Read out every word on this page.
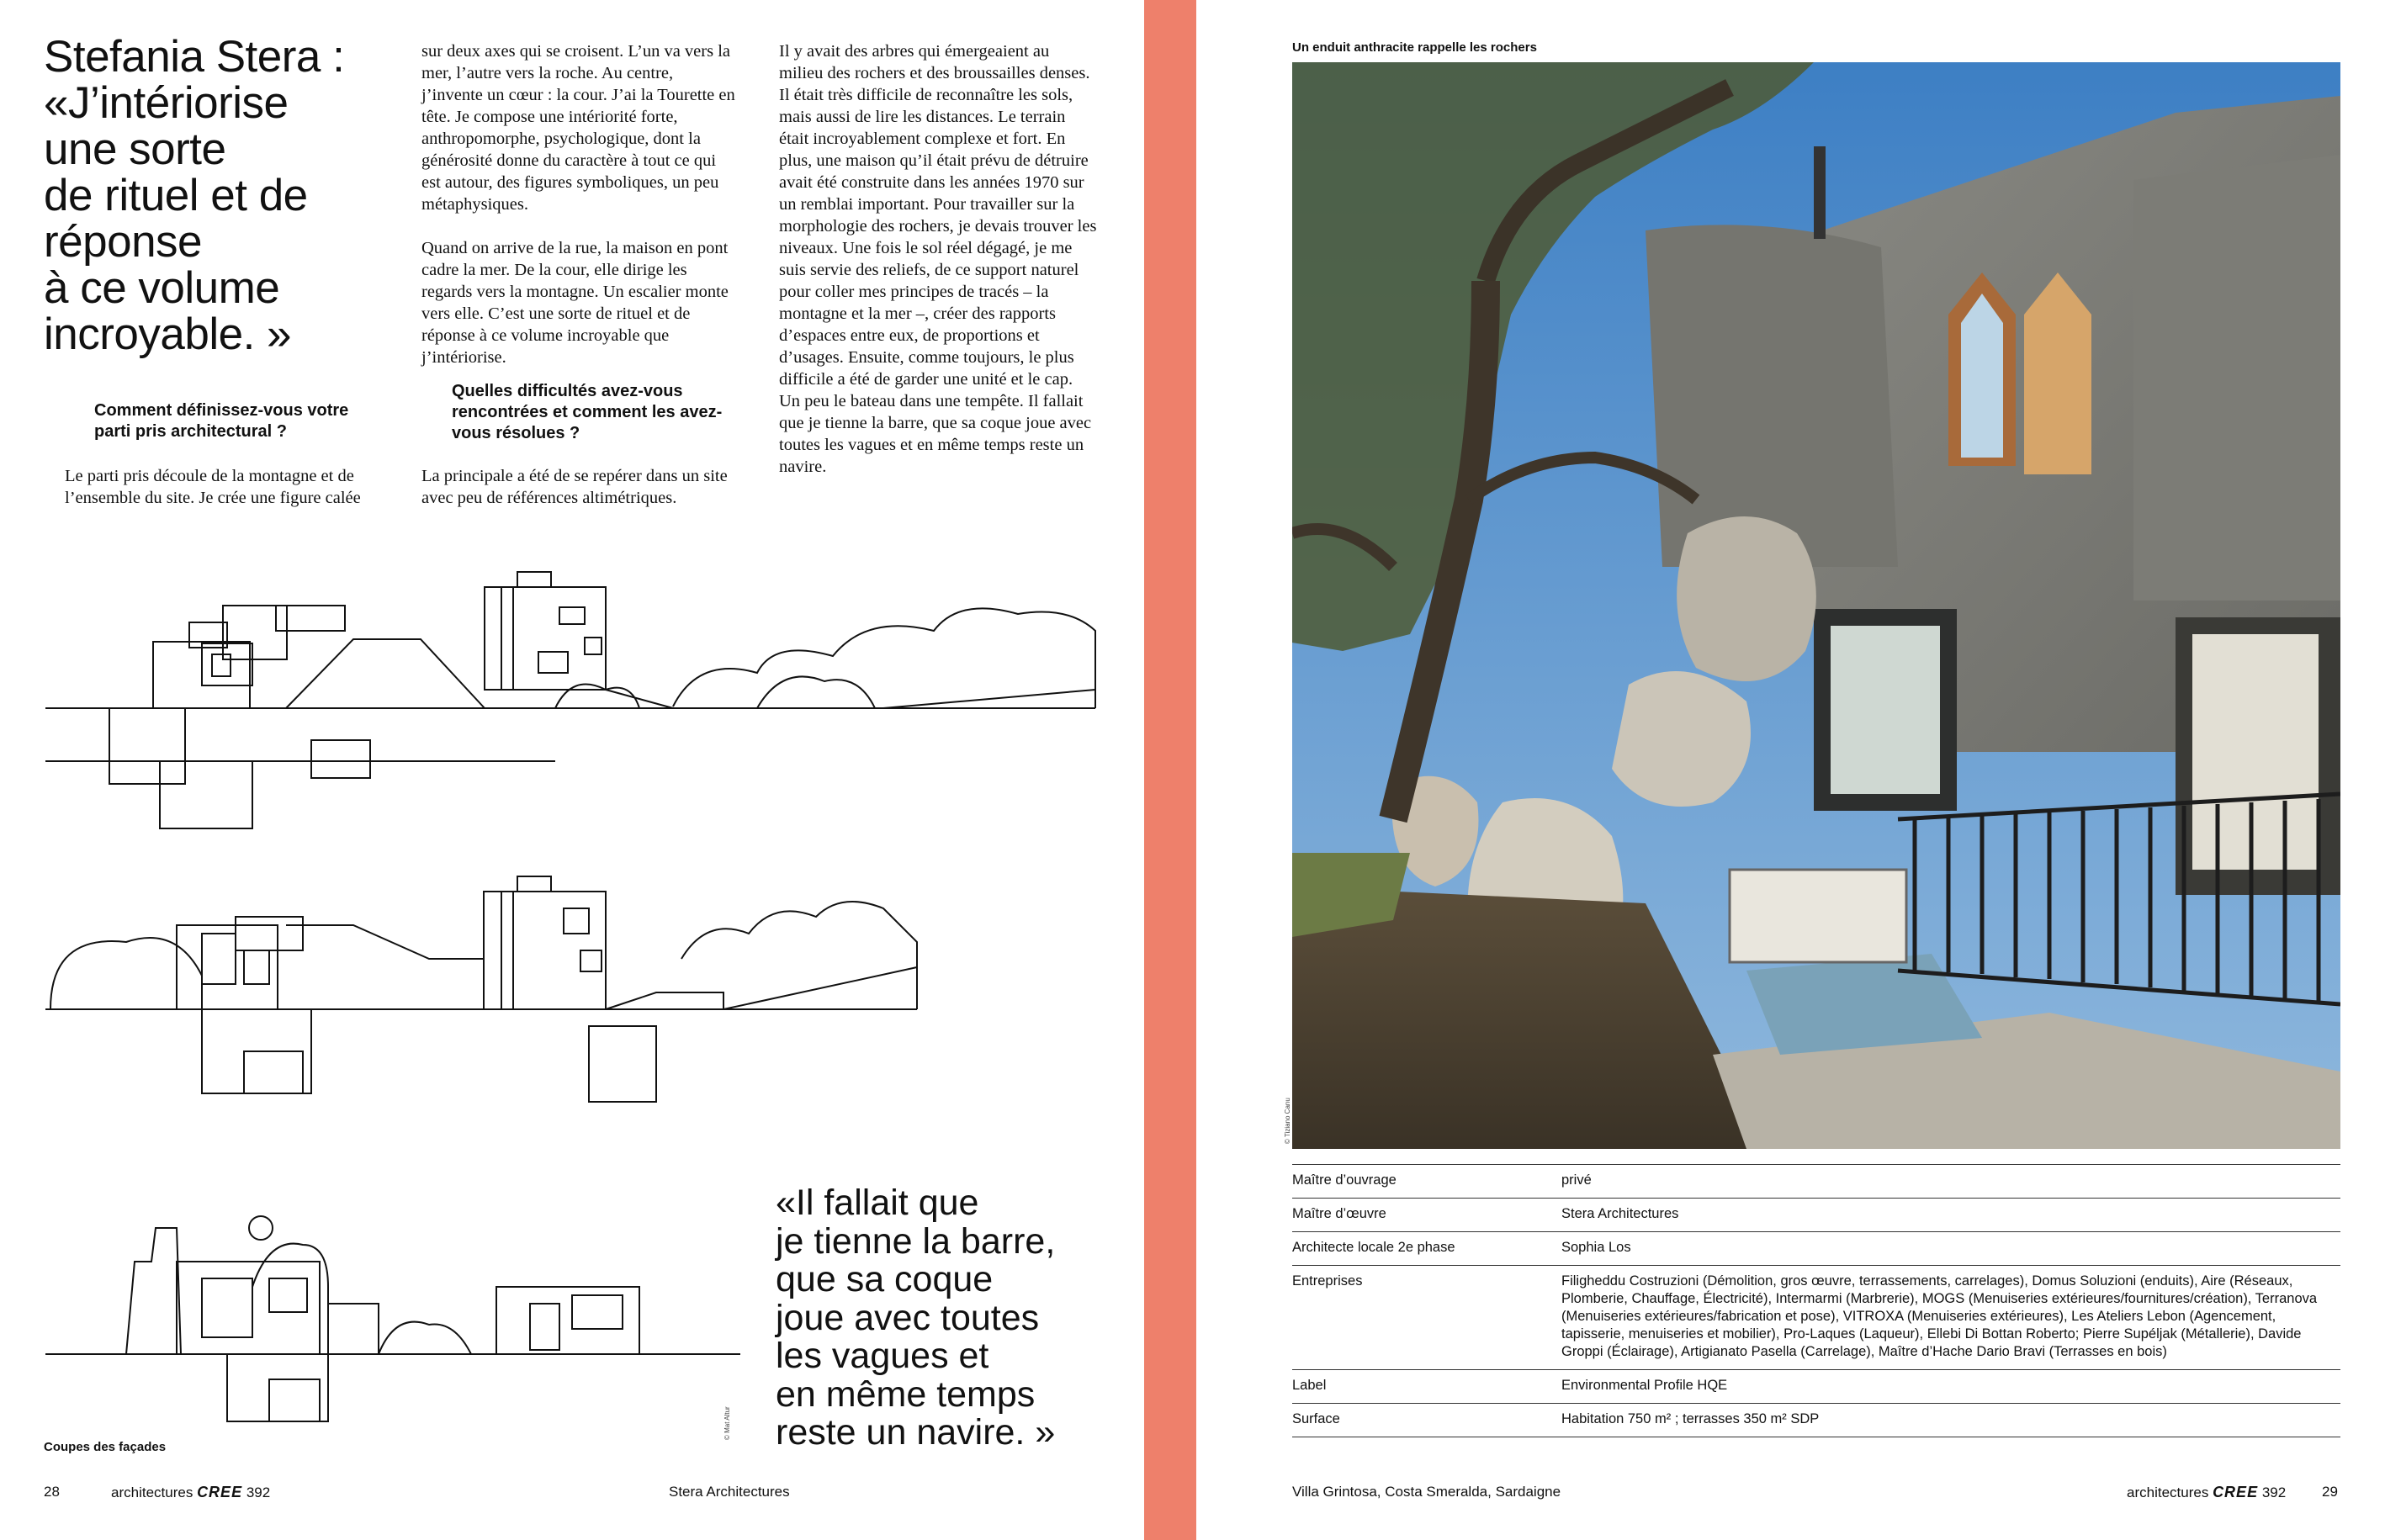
Stefania Stera :
«J’intériorise
une sorte
de rituel et de
réponse
à ce volume
incroyable. »
Comment définissez-vous votre parti pris architectural ?

Le parti pris découle de la montagne et de l’ensemble du site. Je crée une figure calée

sur deux axes qui se croisent. L’un va vers la mer, l’autre vers la roche. Au centre, j’invente un cœur : la cour. J’ai la Tourette en tête. Je compose une intériorité forte, anthropomorphe, psychologique, dont la générosité donne du caractère à tout ce qui est autour, des figures symboliques, un peu métaphysiques.

Quand on arrive de la rue, la maison en pont cadre la mer. De la cour, elle dirige les regards vers la montagne. Un escalier monte vers elle. C’est une sorte de rituel et de réponse à ce volume incroyable que j’intériorise.

Quelles difficultés avez-vous rencontrées et comment les avez-vous résolues ?

La principale a été de se repérer dans un site avec peu de références altimétriques.

Il y avait des arbres qui émergeaient au milieu des rochers et des broussailles denses. Il était très difficile de reconnaître les sols, mais aussi de lire les distances. Le terrain était incroyablement complexe et fort. En plus, une maison qu’il était prévu de détruire avait été construite dans les années 1970 sur un remblai important. Pour travailler sur la morphologie des rochers, je devais trouver les niveaux. Une fois le sol réel dégagé, je me suis servie des reliefs, de ce support naturel pour coller mes principes de tracés – la montagne et la mer –, créer des rapports d’espaces entre eux, de proportions et d’usages. Ensuite, comme toujours, le plus difficile a été de garder une unité et le cap. Un peu le bateau dans une tempête. Il fallait que je tienne la barre, que sa coque joue avec toutes les vagues et en même temps reste un navire.

Coupes des façades
© Mat Altur
«Il fallait que
je tienne la barre,
que sa coque
joue avec toutes
les vagues et
en même temps
reste un navire. »
28	architectures CREE 392	Stera Architectures
Un enduit anthracite rappelle les rochers
© Tiziano Canu
Maître d’ouvrage	privé
Maître d’œuvre	Stera Architectures
Architecte locale 2e phase	Sophia Los
Entreprises	Filigheddu Costruzioni (Démolition, gros œuvre, terrassements, carrelages), Domus Soluzioni (enduits), Aire (Réseaux, Plomberie, Chauffage, Électricité), Intermarmi (Marbrerie), MOGS (Menuiseries extérieures/fournitures/création), Terranova (Menuiseries extérieures/fabrication et pose), VITROXA (Menuiseries extérieures), Les Ateliers Lebon (Agencement, tapisserie, menuiseries et mobilier), Pro-Laques (Laqueur), Ellebi Di Bottan Roberto; Pierre Supéljak (Métallerie), Davide Groppi (Éclairage), Artigianato Pasella (Carrelage), Maître d’Hache Dario Bravi (Terrasses en bois)
Label	Environmental Profile HQE
Surface	Habitation 750 m² ; terrasses 350 m² SDP
Villa Grintosa, Costa Smeralda, Sardaigne	architectures CREE 392	29
